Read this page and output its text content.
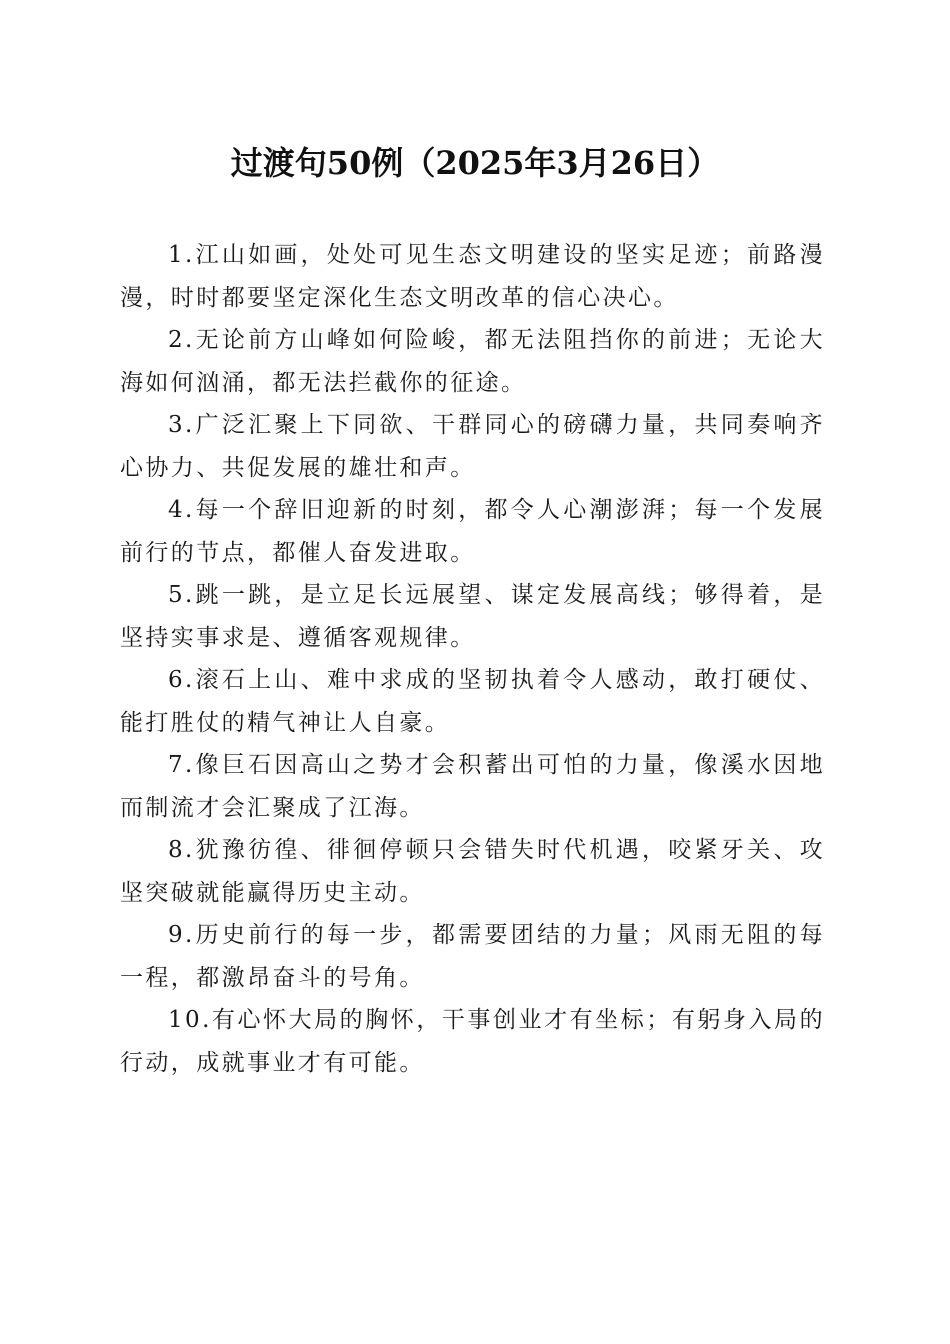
过渡句50例（2025年3月26日）

1.江山如画，处处可见生态文明建设的坚实足迹；前路漫漫，时时都要坚定深化生态文明改革的信心决心。

2.无论前方山峰如何险峻，都无法阻挡你的前进；无论大海如何汹涌，都无法拦截你的征途。

3.广泛汇聚上下同欲、干群同心的磅礴力量，共同奏响齐心协力、共促发展的雄壮和声。

4.每一个辞旧迎新的时刻，都令人心潮澎湃；每一个发展前行的节点，都催人奋发进取。

5.跳一跳，是立足长远展望、谋定发展高线；够得着，是坚持实事求是、遵循客观规律。

6.滚石上山、难中求成的坚韧执着令人感动，敢打硬仗、能打胜仗的精气神让人自豪。

7.像巨石因高山之势才会积蓄出可怕的力量，像溪水因地而制流才会汇聚成了江海。

8.犹豫彷徨、徘徊停顿只会错失时代机遇，咬紧牙关、攻坚突破就能赢得历史主动。

9.历史前行的每一步，都需要团结的力量；风雨无阻的每一程，都激昂奋斗的号角。

10.有心怀大局的胸怀，干事创业才有坐标；有躬身入局的行动，成就事业才有可能。
